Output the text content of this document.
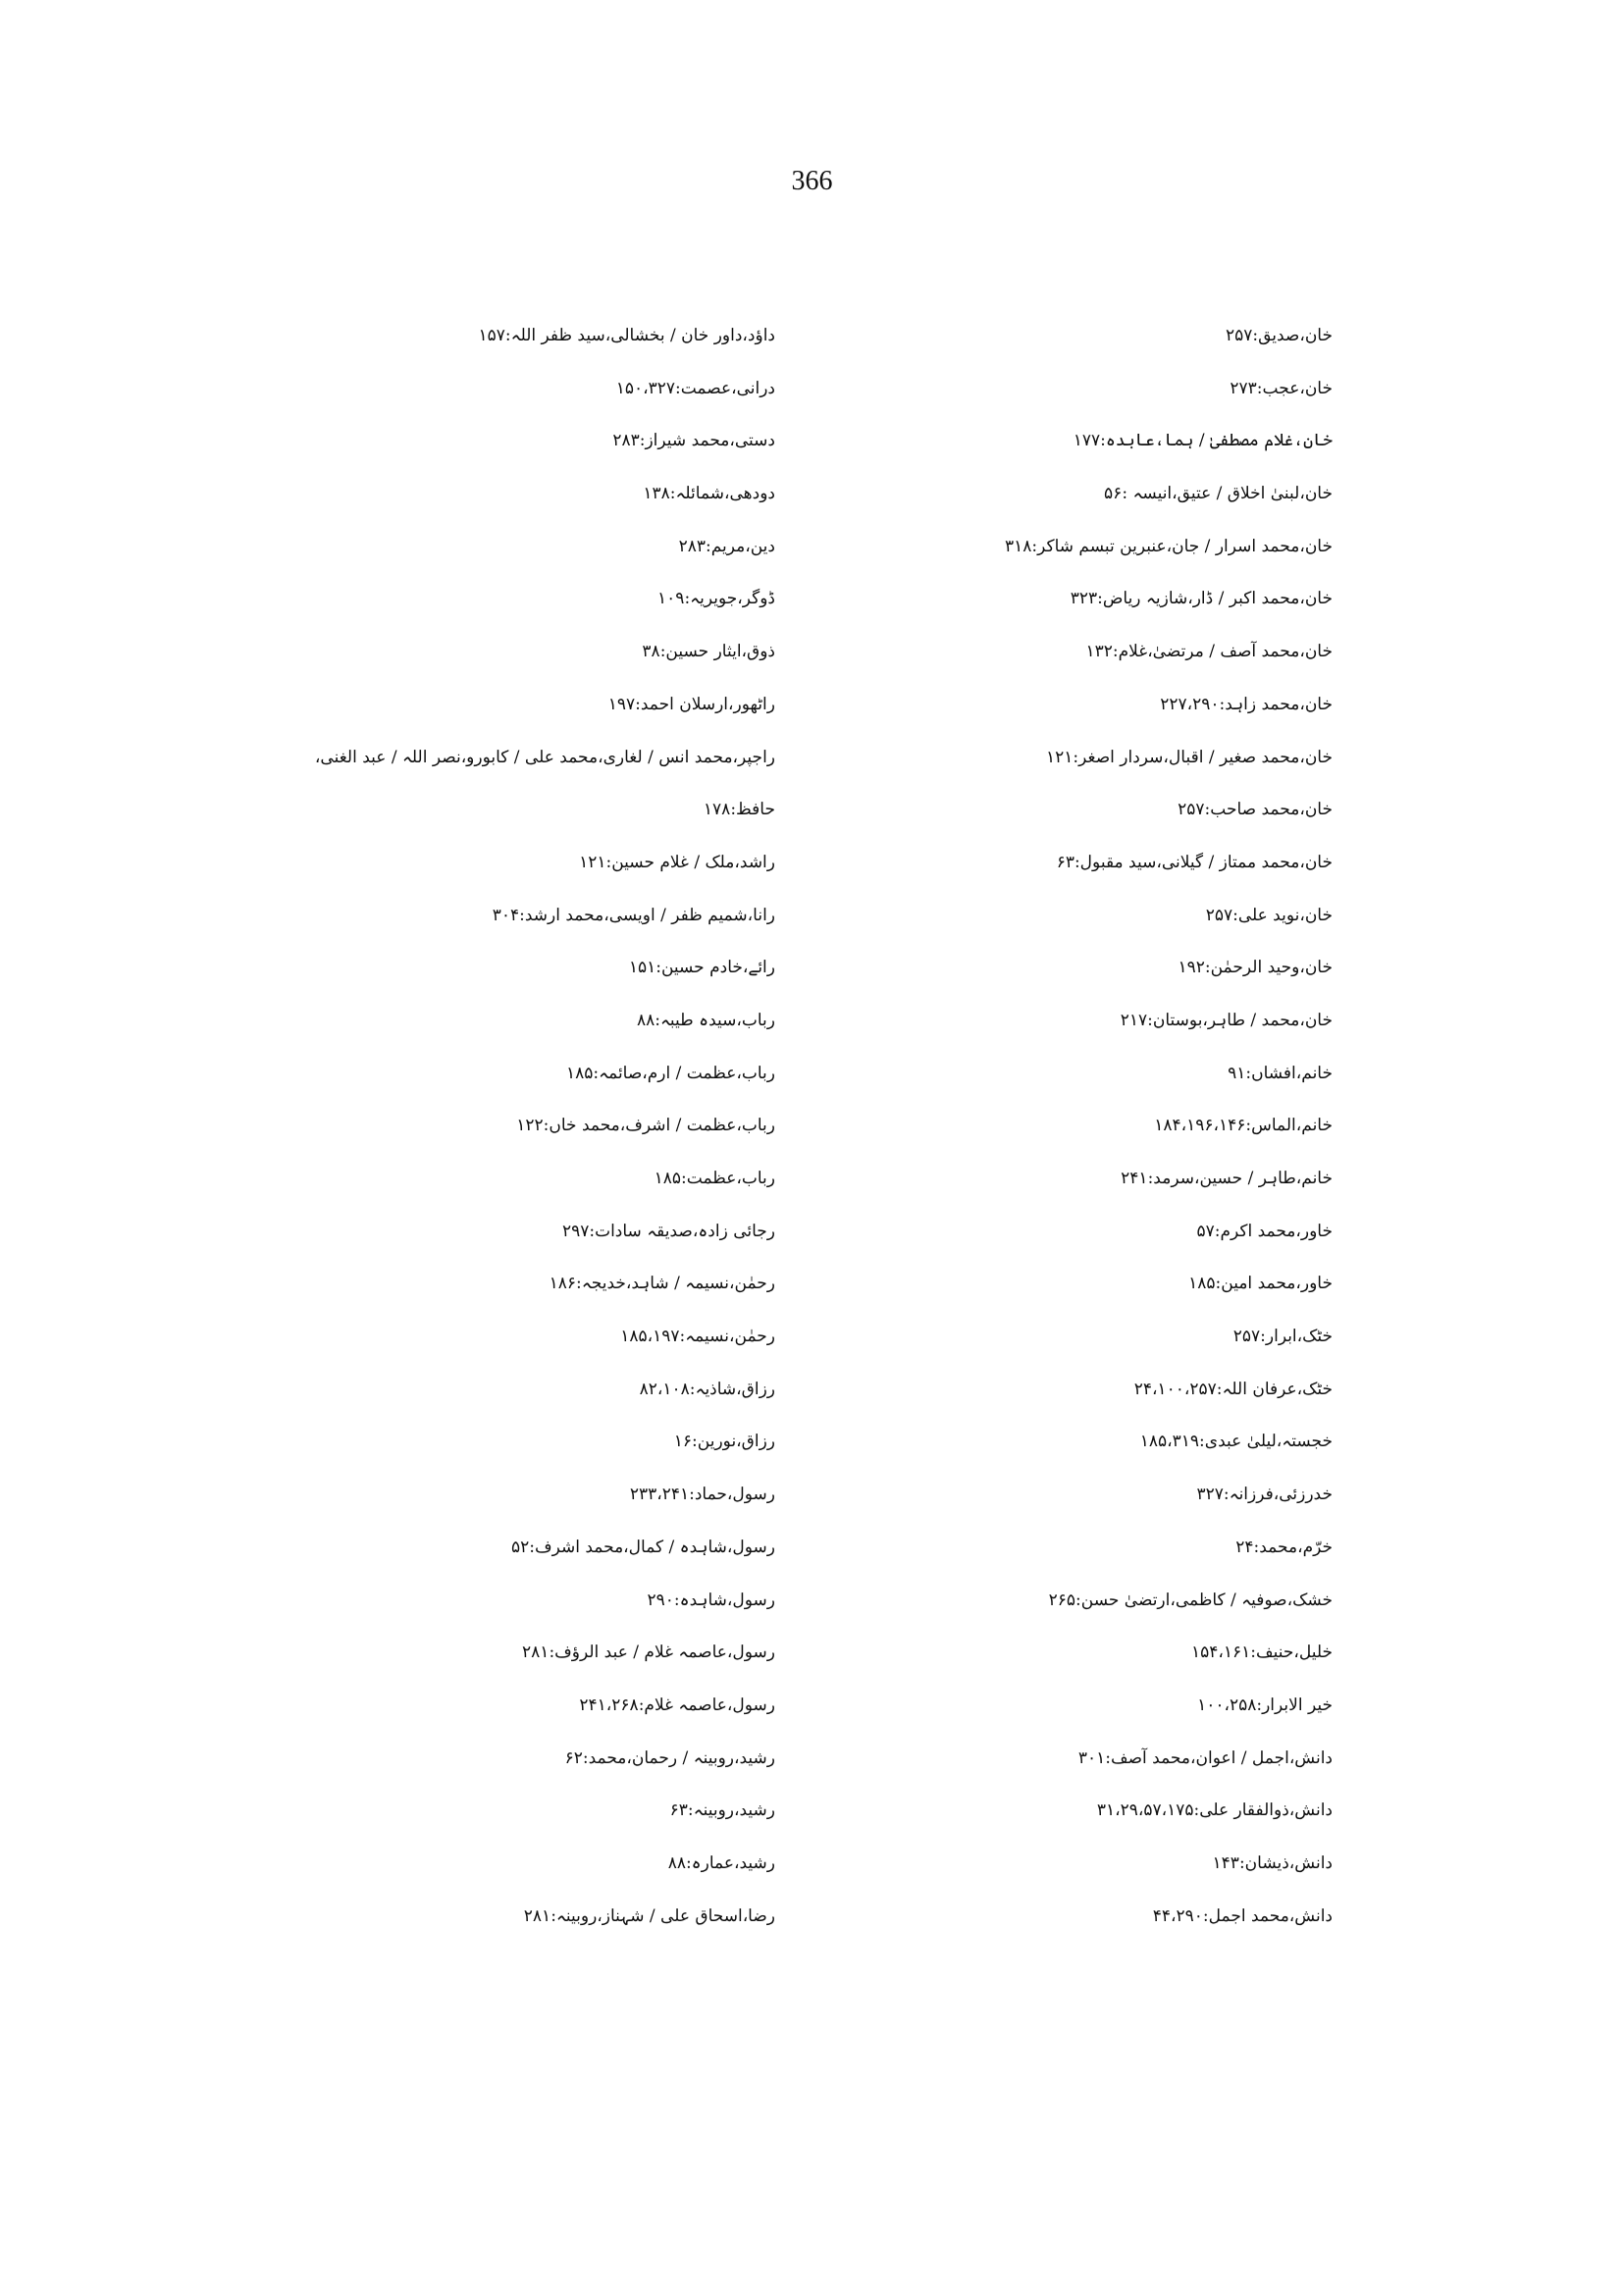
366
خان،صدیق:۲۵۷
خان،عجب:۲۷۳
خان،غلام مصطفیٰ / ہما،عابدہ:۱۷۷
خان،لبنیٰ اخلاق / عتیق،انیسہ :۵۶
خان،محمد اسرار / جان،عنبرین تبسم شاکر:۳۱۸
خان،محمد اکبر / ڈار،شازیہ ریاض:۳۲۳
خان،محمد آصف / مرتضیٰ،غلام:۱۳۲
خان،محمد زاہد:۲۲۷،۲۹۰
خان،محمد صغیر / اقبال،سردار اصغر:۱۲۱
خان،محمد صاحب:۲۵۷
خان،محمد ممتاز / گیلانی،سید مقبول:۶۳
خان،نوید علی:۲۵۷
خان،وحید الرحمٰن:۱۹۲
خان،محمد / طاہر،بوستان:۲۱۷
خانم،افشاں:۹۱
خانم،الماس:۱۸۴،۱۹۶،۱۴۶
خانم،طاہر / حسین،سرمد:۲۴۱
خاور،محمد اکرم:۵۷
خاور،محمد امین:۱۸۵
خٹک،ابرار:۲۵۷
خٹک،عرفان اللہ:۲۴،۱۰۰،۲۵۷
خجستہ،لیلیٰ عبدی:۱۸۵،۳۱۹
خدرزئی،فرزانہ:۳۲۷
خرّم،محمد:۲۴
خشک،صوفیہ / کاظمی،ارتضیٰ حسن:۲۶۵
خلیل،حنیف:۱۵۴،۱۶۱
خیر الابرار:۱۰۰،۲۵۸
دانش،اجمل / اعوان،محمد آصف:۳۰۱
دانش،ذوالفقار علی:۳۱،۲۹،۵۷،۱۷۵
دانش،ذیشان:۱۴۳
دانش،محمد اجمل:۴۴،۲۹۰
داؤد،داور خان / بخشالی،سید ظفر اللہ:۱۵۷
درانی،عصمت:۱۵۰،۳۲۷
دستی،محمد شیراز:۲۸۳
دودھی،شمائلہ:۱۳۸
دین،مریم:۲۸۳
ڈوگر،جویریہ:۱۰۹
ذوق،ایثار حسین:۳۸
راٹھور،ارسلان احمد:۱۹۷
راجپر،محمد انس / لغاری،محمد علی / کابورو،نصر اللہ / عبد الغنی،
حافظ:۱۷۸
راشد،ملک / غلام حسین:۱۲۱
رانا،شمیم ظفر / اویسی،محمد ارشد:۳۰۴
رائے،خادم حسین:۱۵۱
رباب،سیدہ طیبہ:۸۸
رباب،عظمت / ارم،صائمہ:۱۸۵
رباب،عظمت / اشرف،محمد خاں:۱۲۲
رباب،عظمت:۱۸۵
رجائی زادہ،صدیقہ سادات:۲۹۷
رحمٰن،نسیمہ / شاہد،خدیجہ:۱۸۶
رحمٰن،نسیمہ:۱۸۵،۱۹۷
رزاق،شاذیہ:۸۲،۱۰۸
رزاق،نورین:۱۶
رسول،حماد:۲۳۳،۲۴۱
رسول،شاہدہ / کمال،محمد اشرف:۵۲
رسول،شاہدہ:۲۹۰
رسول،عاصمہ غلام / عبد الرؤف:۲۸۱
رسول،عاصمہ غلام:۲۴۱،۲۶۸
رشید،روبینہ / رحمان،محمد:۶۲
رشید،روبینہ:۶۳
رشید،عمارہ:۸۸
رضا،اسحاق علی / شہناز،روبینہ:۲۸۱
